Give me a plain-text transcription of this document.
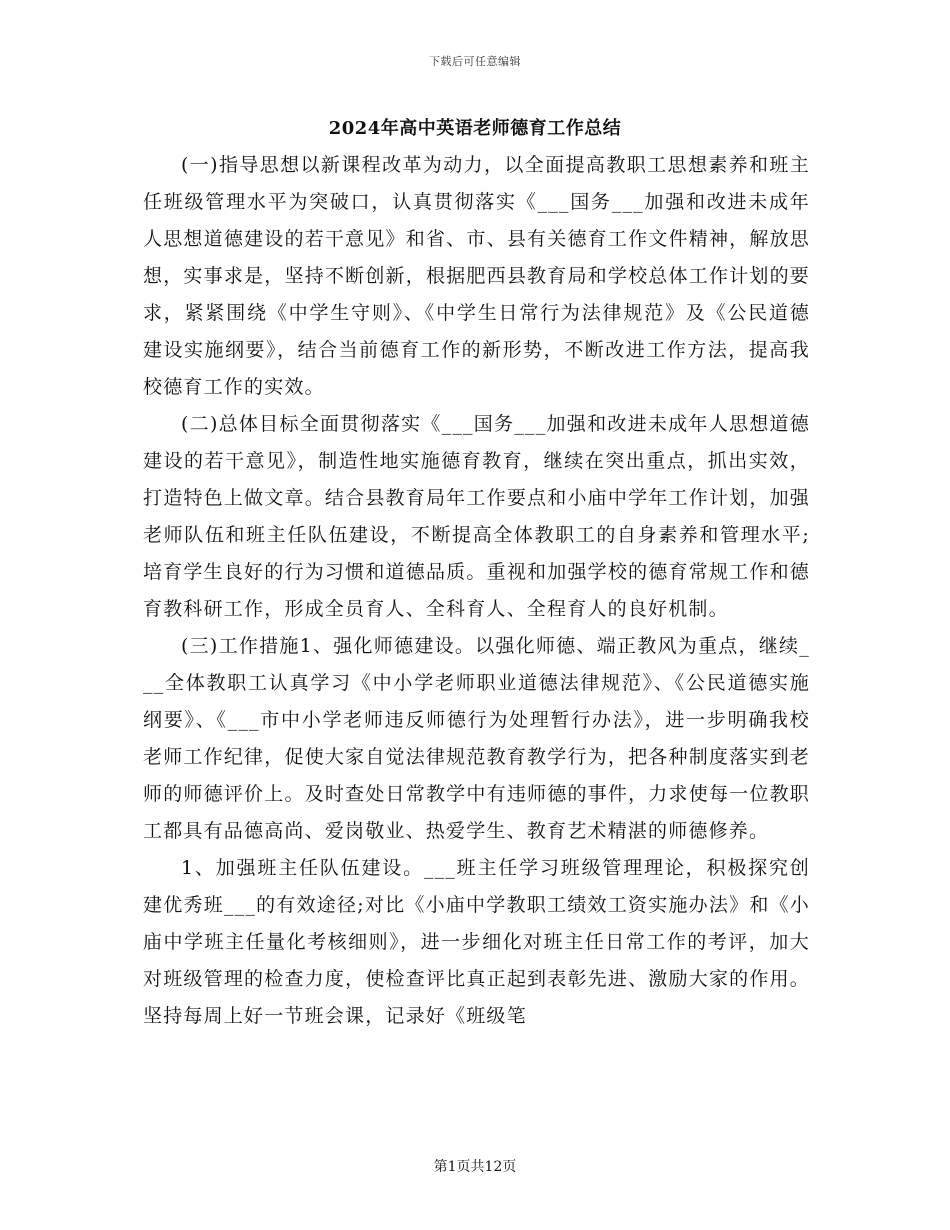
下载后可任意编辑
2024年高中英语老师德育工作总结

(一)指导思想以新课程改革为动力，以全面提高教职工思想素养和班主任班级管理水平为突破口，认真贯彻落实《___国务___加强和改进未成年人思想道德建设的若干意见》和省、市、县有关德育工作文件精神，解放思想，实事求是，坚持不断创新，根据肥西县教育局和学校总体工作计划的要求，紧紧围绕《中学生守则》、《中学生日常行为法律规范》及《公民道德建设实施纲要》，结合当前德育工作的新形势，不断改进工作方法，提高我校德育工作的实效。

(二)总体目标全面贯彻落实《___国务___加强和改进未成年人思想道德建设的若干意见》，制造性地实施德育教育，继续在突出重点，抓出实效，打造特色上做文章。结合县教育局年工作要点和小庙中学年工作计划，加强老师队伍和班主任队伍建设，不断提高全体教职工的自身素养和管理水平;培育学生良好的行为习惯和道德品质。重视和加强学校的德育常规工作和德育教科研工作，形成全员育人、全科育人、全程育人的良好机制。

(三)工作措施1、强化师德建设。以强化师德、端正教风为重点，继续___全体教职工认真学习《中小学老师职业道德法律规范》、《公民道德实施纲要》、《___市中小学老师违反师德行为处理暂行办法》，进一步明确我校老师工作纪律，促使大家自觉法律规范教育教学行为，把各种制度落实到老师的师德评价上。及时查处日常教学中有违师德的事件，力求使每一位教职工都具有品德高尚、爱岗敬业、热爱学生、教育艺术精湛的师德修养。

1、加强班主任队伍建设。___班主任学习班级管理理论，积极探究创建优秀班___的有效途径;对比《小庙中学教职工绩效工资实施办法》和《小庙中学班主任量化考核细则》，进一步细化对班主任日常工作的考评，加大对班级管理的检查力度，使检查评比真正起到表彰先进、激励大家的作用。坚持每周上好一节班会课，记录好《班级笔

第1页共12页
